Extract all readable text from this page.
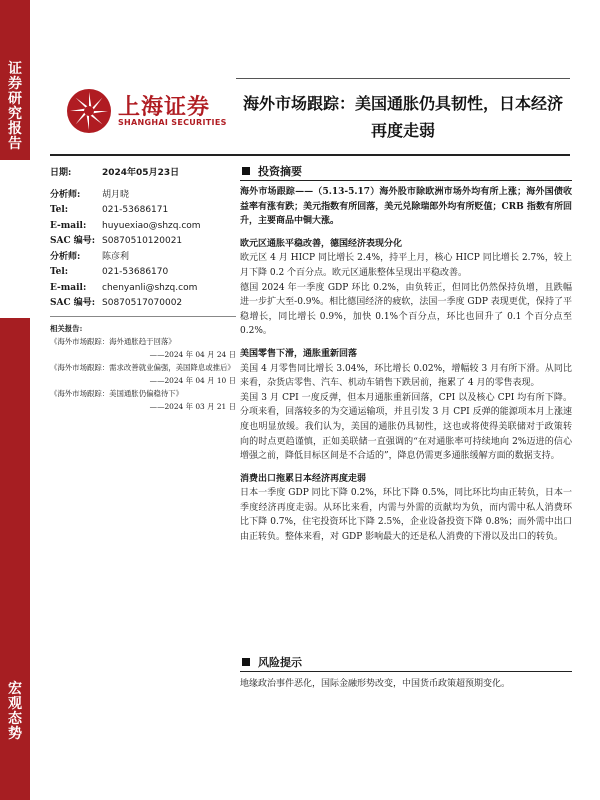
证券研究报告
宏观态势
上海证券
SHANGHAI SECURITIES
海外市场跟踪：美国通胀仍具韧性，日本经济再度走弱
日期:	2024年05月23日
分析师:	胡月晓
Tel:	021-53686171
E-mail:	huyuexiao@shzq.com
SAC 编号: S0870510120021
分析师:	陈彦利
Tel:	021-53686170
E-mail:	chenyanli@shzq.com
SAC 编号: S0870517070002
相关报告:
《海外市场跟踪：海外通胀趋于回落》
——2024 年 04 月 24 日
《海外市场跟踪：需求改善就业偏强，美国降息或推后》
——2024 年 04 月 10 日
《海外市场跟踪：美国通胀仍偏稳待下》
——2024 年 03 月 21 日
投资摘要

海外市场跟踪——（5.13-5.17）海外股市除欧洲市场外均有所上涨；海外国债收益率有涨有跌；美元指数有所回落，美元兑除瑞郎外均有所贬值；CRB 指数有所回升，主要商品中铜大涨。

欧元区通胀平稳改善，德国经济表现分化

欧元区 4 月 HICP 同比增长 2.4%，持平上月，核心 HICP 同比增长 2.7%，较上月下降 0.2 个百分点。欧元区通胀整体呈现出平稳改善。

德国 2024 年一季度 GDP 环比 0.2%，由负转正，但同比仍然保持负增，且跌幅进一步扩大至-0.9%。相比德国经济的疲软，法国一季度 GDP 表现更优，保持了平稳增长，同比增长 0.9%，加快 0.1%个百分点，环比也回升了 0.1 个百分点至 0.2%。

美国零售下滑，通胀重新回落

美国 4 月零售同比增长 3.04%，环比增长 0.02%，增幅较 3 月有所下滑。从同比来看，杂货店零售、汽车、机动车销售下跌居前，拖累了 4 月的零售表现。

美国 3 月 CPI 一度反弹，但本月通胀重新回落，CPI 以及核心 CPI 均有所下降。分项来看，回落较多的为交通运输项，并且引发 3 月 CPI 反弹的能源项本月上涨速度也明显放缓。我们认为，美国的通胀仍具韧性，这也或将使得美联储对于政策转向的时点更趋谨慎，正如美联储一直强调的“在对通胀率可持续地向 2%迈进的信心增强之前，降低目标区间是不合适的”，降息仍需更多通胀缓解方面的数据支持。

消费出口拖累日本经济再度走弱

日本一季度 GDP 同比下降 0.2%，环比下降 0.5%，同比环比均由正转负，日本一季度经济再度走弱。从环比来看，内需与外需的贡献均为负，而内需中私人消费环比下降 0.7%，住宅投资环比下降 2.5%，企业设备投资下降 0.8%；而外需中出口由正转负。整体来看，对 GDP 影响最大的还是私人消费的下滑以及出口的转负。

风险提示

地缘政治事件恶化，国际金融形势改变，中国货币政策超预期变化。
